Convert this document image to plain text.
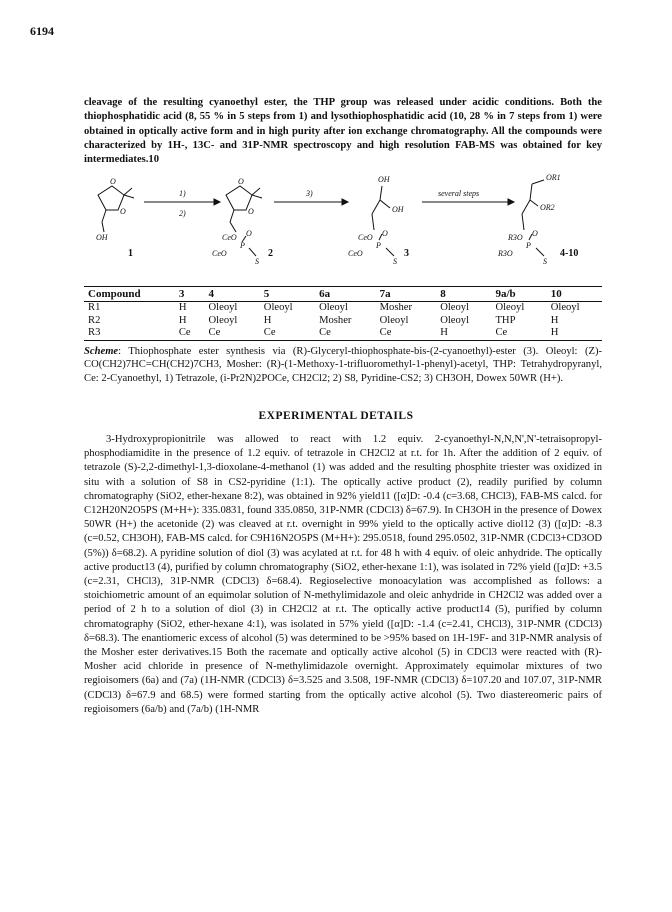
6194

cleavage of the resulting cyanoethyl ester, the THP group was released under acidic conditions. Both the thiophosphatidic acid (8, 55 % in 5 steps from 1) and lysothiophosphatidic acid (10, 28 % in 7 steps from 1) were obtained in optically active form and in high purity after ion exchange chromatography. All the compounds were characterized by 1H-, 13C- and 31P-NMR spectroscopy and high resolution FAB-MS was obtained for key intermediates.10

O
O
OH
1)
2)
O
O
CeO O
P
CeO
S
3)
OH
OH
CeO O
P
CeO
S
several steps
OR1
OR2
R3O O
P
R3O
S
1	2	3	4-10
Compound	3	4	5	6a	7a	8	9a/b	10
R1	H	Oleoyl	Oleoyl	Oleoyl	Mosher	Oleoyl	Oleoyl	Oleoyl
R2	H	Oleoyl	H	Mosher	Oleoyl	Oleoyl	THP	H
R3	Ce	Ce	Ce	Ce	Ce	H	Ce	H
Scheme: Thiophosphate ester synthesis via (R)-Glyceryl-thiophosphate-bis-(2-cyanoethyl)-ester (3). Oleoyl: (Z)-CO(CH2)7HC=CH(CH2)7CH3, Mosher: (R)-(1-Methoxy-1-trifluoromethyl-1-phenyl)-acetyl, THP: Tetrahydropyranyl, Ce: 2-Cyanoethyl, 1) Tetrazole, (i-Pr2N)2POCe, CH2Cl2; 2) S8, Pyridine-CS2; 3) CH3OH, Dowex 50WR (H+).
EXPERIMENTAL DETAILS

3-Hydroxypropionitrile was allowed to react with 1.2 equiv. 2-cyanoethyl-N,N,N',N'-tetraisopropyl-phosphodiamidite in the presence of 1.2 equiv. of tetrazole in CH2Cl2 at r.t. for 1h. After the addition of 2 equiv. of tetrazole (S)-2,2-dimethyl-1,3-dioxolane-4-methanol (1) was added and the resulting phosphite triester was oxidized in situ with a solution of S8 in CS2-pyridine (1:1). The optically active product (2), readily purified by column chromatography (SiO2, ether-hexane 8:2), was obtained in 92% yield11 ([α]D: -0.4 (c=3.68, CHCl3), FAB-MS calcd. for C12H20N2O5PS (M+H+): 335.0831, found 335.0850, 31P-NMR (CDCl3) δ=67.9). In CH3OH in the presence of Dowex 50WR (H+) the acetonide (2) was cleaved at r.t. overnight in 99% yield to the optically active diol12 (3) ([α]D: -8.3 (c=0.52, CH3OH), FAB-MS calcd. for C9H16N2O5PS (M+H+): 295.0518, found 295.0502, 31P-NMR (CDCl3+CD3OD (5%)) δ=68.2). A pyridine solution of diol (3) was acylated at r.t. for 48 h with 4 equiv. of oleic anhydride. The optically active product13 (4), purified by column chromatography (SiO2, ether-hexane 1:1), was isolated in 72% yield ([α]D: +3.5 (c=2.31, CHCl3), 31P-NMR (CDCl3) δ=68.4). Regioselective monoacylation was accomplished as follows: a stoichiometric amount of an equimolar solution of N-methylimidazole and oleic anhydride in CH2Cl2 was added over a period of 2 h to a solution of diol (3) in CH2Cl2 at r.t. The optically active product14 (5), purified by column chromatography (SiO2, ether-hexane 4:1), was isolated in 57% yield ([α]D: -1.4 (c=2.41, CHCl3), 31P-NMR (CDCl3) δ=68.3). The enantiomeric excess of alcohol (5) was determined to be >95% based on 1H-19F- and 31P-NMR analysis of the Mosher ester derivatives.15 Both the racemate and optically active alcohol (5) in CDCl3 were reacted with (R)-Mosher acid chloride in presence of N-methylimidazole overnight. Approximately equimolar mixtures of two regioisomers (6a) and (7a) (1H-NMR (CDCl3) δ=3.525 and 3.508, 19F-NMR (CDCl3) δ=107.20 and 107.07, 31P-NMR (CDCl3) δ=67.9 and 68.5) were formed starting from the optically active alcohol (5). Two diastereomeric pairs of regioisomers (6a/b) and (7a/b) (1H-NMR
